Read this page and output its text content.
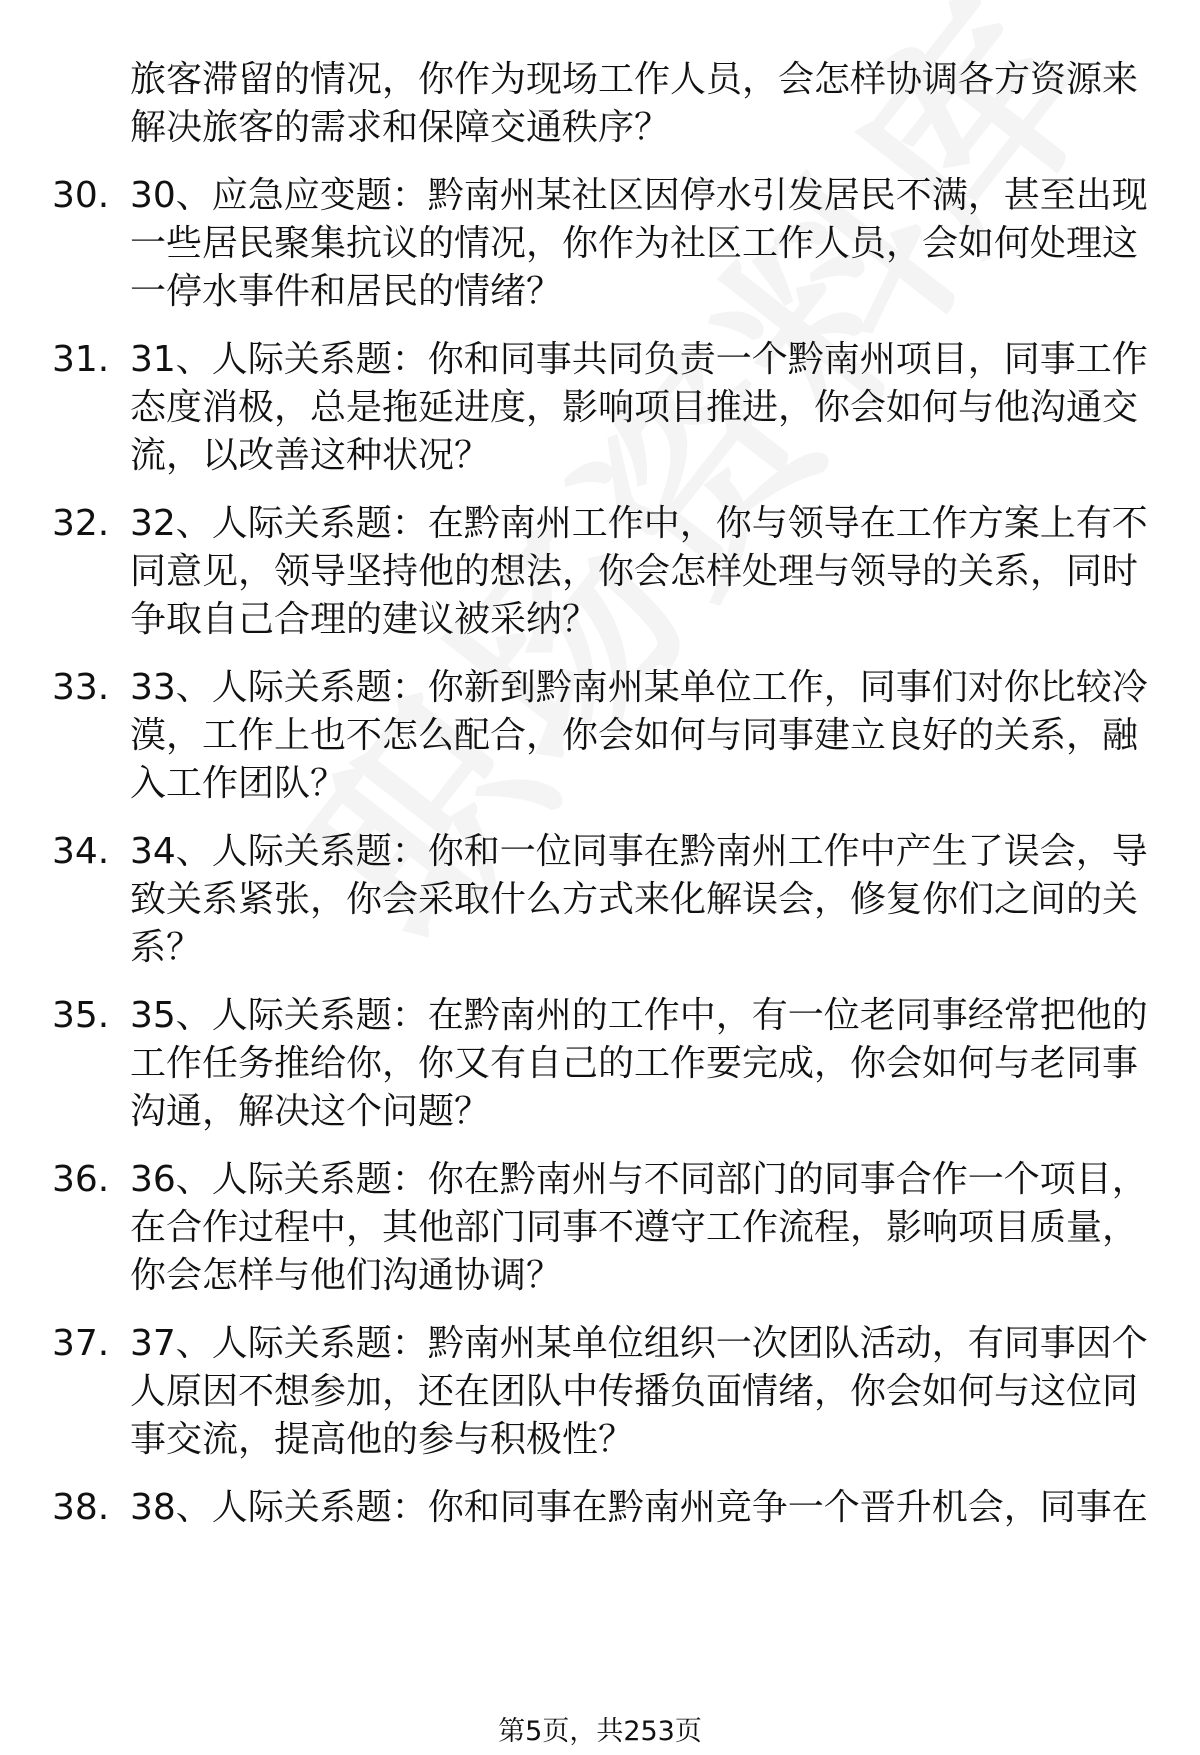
旅客滞留的情况，你作为现场工作人员，会怎样协调各方资源来
解决旅客的需求和保障交通秩序？
30. 30、应急应变题：黔南州某社区因停水引发居民不满，甚至出现
一些居民聚集抗议的情况，你作为社区工作人员，会如何处理这
一停水事件和居民的情绪？
31. 31、人际关系题：你和同事共同负责一个黔南州项目，同事工作
态度消极，总是拖延进度，影响项目推进，你会如何与他沟通交
流，以改善这种状况？
32. 32、人际关系题：在黔南州工作中，你与领导在工作方案上有不
同意见，领导坚持他的想法，你会怎样处理与领导的关系，同时
争取自己合理的建议被采纳？
33. 33、人际关系题：你新到黔南州某单位工作，同事们对你比较冷
漠，工作上也不怎么配合，你会如何与同事建立良好的关系，融
入工作团队？
34. 34、人际关系题：你和一位同事在黔南州工作中产生了误会，导
致关系紧张，你会采取什么方式来化解误会，修复你们之间的关
系？
35. 35、人际关系题：在黔南州的工作中，有一位老同事经常把他的
工作任务推给你，你又有自己的工作要完成，你会如何与老同事
沟通，解决这个问题？
36. 36、人际关系题：你在黔南州与不同部门的同事合作一个项目，
在合作过程中，其他部门同事不遵守工作流程，影响项目质量，
你会怎样与他们沟通协调？
37. 37、人际关系题：黔南州某单位组织一次团队活动，有同事因个
人原因不想参加，还在团队中传播负面情绪，你会如何与这位同
事交流，提高他的参与积极性？
38. 38、人际关系题：你和同事在黔南州竞争一个晋升机会，同事在
第5页，共253页
